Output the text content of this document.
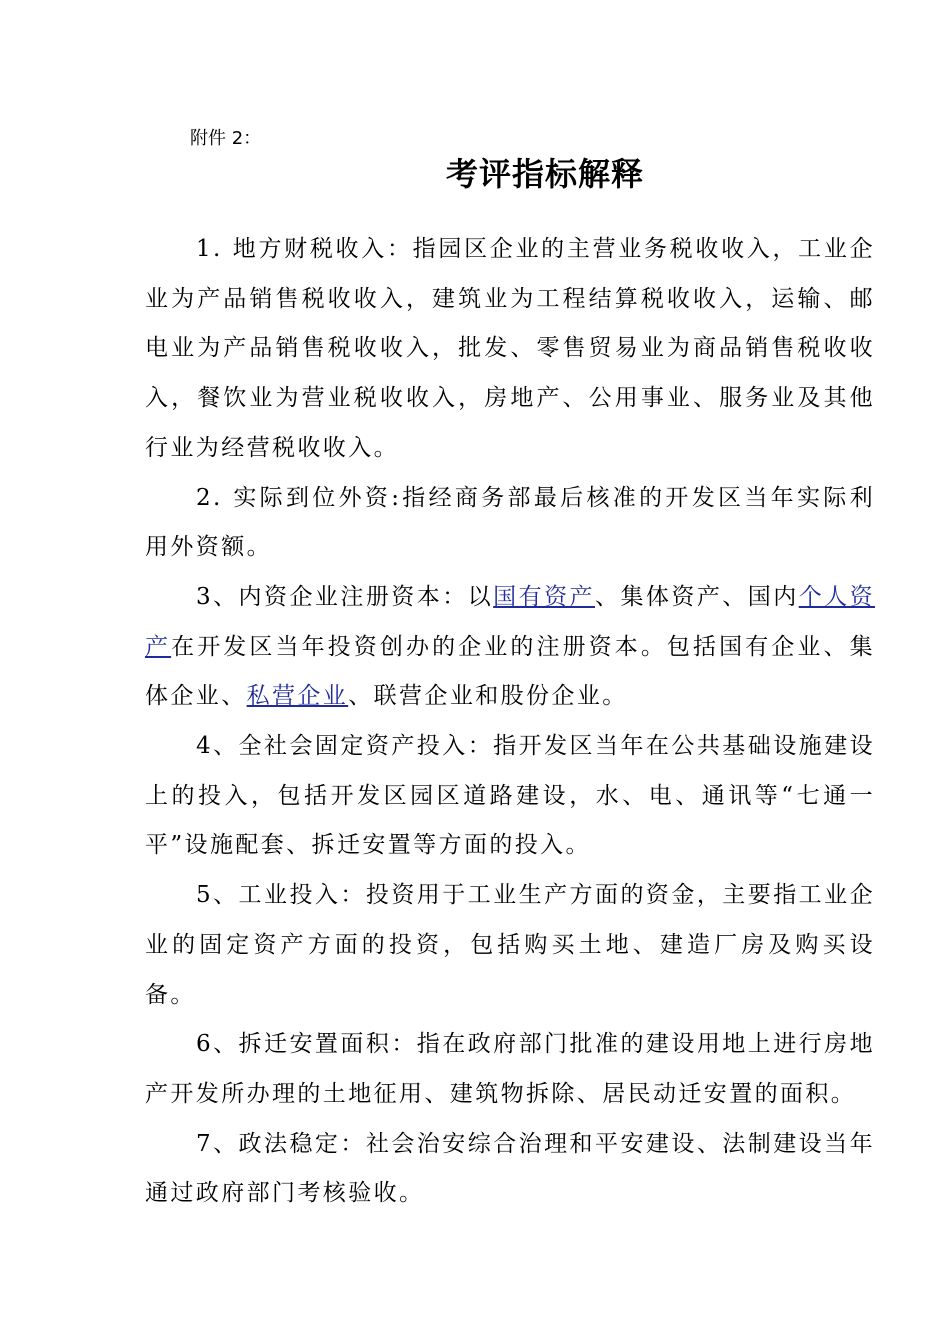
附件 2：

考评指标解释

1. 地方财税收入：指园区企业的主营业务税收收入，工业企业为产品销售税收收入，建筑业为工程结算税收收入，运输、邮电业为产品销售税收收入，批发、零售贸易业为商品销售税收收入，餐饮业为营业税收收入，房地产、公用事业、服务业及其他行业为经营税收收入。

2. 实际到位外资:指经商务部最后核准的开发区当年实际利用外资额。

3、内资企业注册资本：以国有资产、集体资产、国内个人资产在开发区当年投资创办的企业的注册资本。包括国有企业、集体企业、私营企业、联营企业和股份企业。

4、全社会固定资产投入：指开发区当年在公共基础设施建设上的投入，包括开发区园区道路建设，水、电、通讯等“七通一平”设施配套、拆迁安置等方面的投入。

5、工业投入：投资用于工业生产方面的资金，主要指工业企业的固定资产方面的投资，包括购买土地、建造厂房及购买设备。

6、拆迁安置面积：指在政府部门批准的建设用地上进行房地产开发所办理的土地征用、建筑物拆除、居民动迁安置的面积。

7、政法稳定：社会治安综合治理和平安建设、法制建设当年通过政府部门考核验收。
